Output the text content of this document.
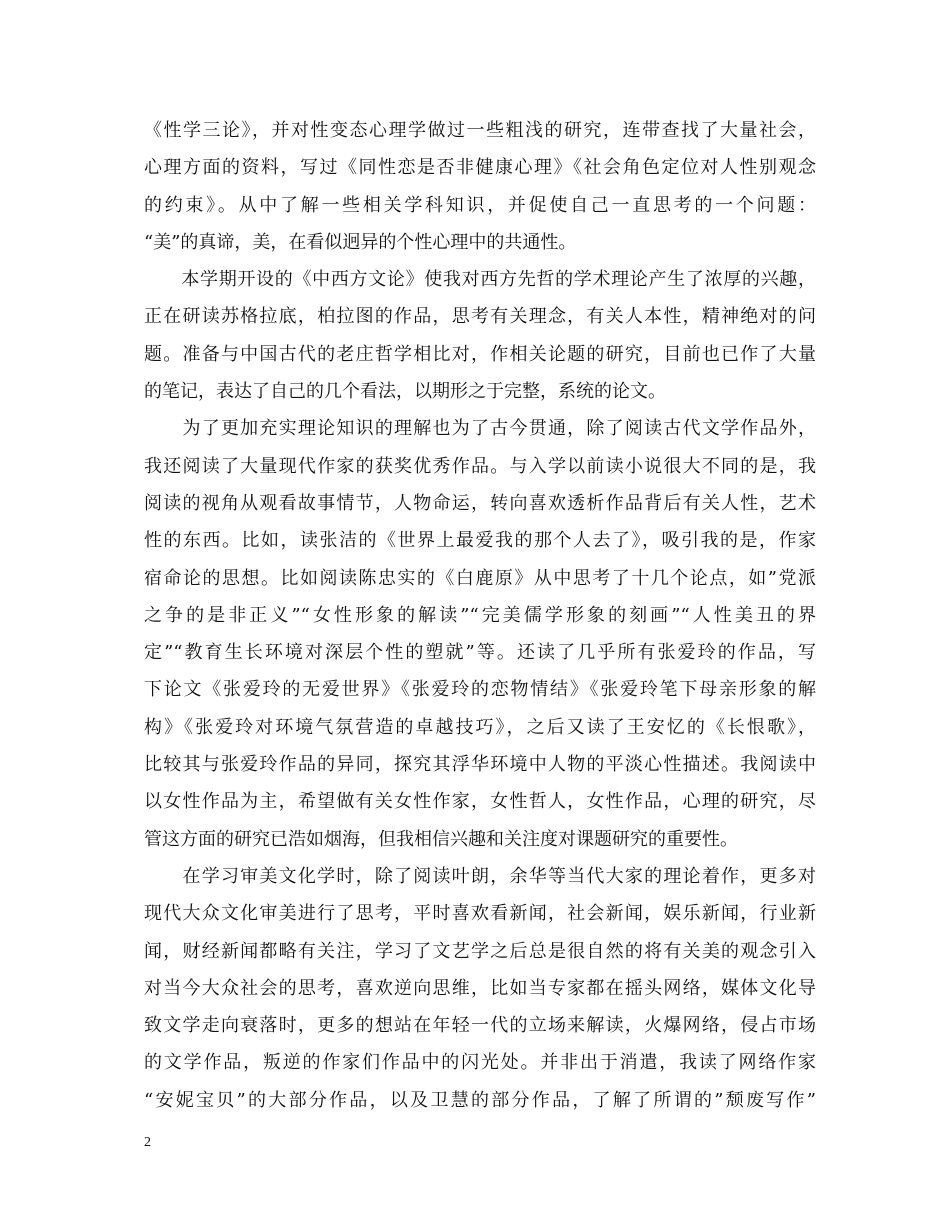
《性学三论》，并对性变态心理学做过一些粗浅的研究，连带查找了大量社会，
心理方面的资料，写过《同性恋是否非健康心理》《社会角色定位对人性别观念
的约束》。从中了解一些相关学科知识，并促使自己一直思考的一个问题：
“美”的真谛，美，在看似迥异的个性心理中的共通性。
　　本学期开设的《中西方文论》使我对西方先哲的学术理论产生了浓厚的兴趣，
正在研读苏格拉底，柏拉图的作品，思考有关理念，有关人本性，精神绝对的问
题。准备与中国古代的老庄哲学相比对，作相关论题的研究，目前也已作了大量
的笔记，表达了自己的几个看法，以期形之于完整，系统的论文。
　　为了更加充实理论知识的理解也为了古今贯通，除了阅读古代文学作品外，
我还阅读了大量现代作家的获奖优秀作品。与入学以前读小说很大不同的是，我
阅读的视角从观看故事情节，人物命运，转向喜欢透析作品背后有关人性，艺术
性的东西。比如，读张洁的《世界上最爱我的那个人去了》，吸引我的是，作家
宿命论的思想。比如阅读陈忠实的《白鹿原》从中思考了十几个论点，如”党派
之争的是非正义”“女性形象的解读”“完美儒学形象的刻画”“人性美丑的界
定”“教育生长环境对深层个性的塑就”等。还读了几乎所有张爱玲的作品，写
下论文《张爱玲的无爱世界》《张爱玲的恋物情结》《张爱玲笔下母亲形象的解
构》《张爱玲对环境气氛营造的卓越技巧》，之后又读了王安忆的《长恨歌》，
比较其与张爱玲作品的异同，探究其浮华环境中人物的平淡心性描述。我阅读中
以女性作品为主，希望做有关女性作家，女性哲人，女性作品，心理的研究，尽
管这方面的研究已浩如烟海，但我相信兴趣和关注度对课题研究的重要性。
　　在学习审美文化学时，除了阅读叶朗，余华等当代大家的理论着作，更多对
现代大众文化审美进行了思考，平时喜欢看新闻，社会新闻，娱乐新闻，行业新
闻，财经新闻都略有关注，学习了文艺学之后总是很自然的将有关美的观念引入
对当今大众社会的思考，喜欢逆向思维，比如当专家都在摇头网络，媒体文化导
致文学走向衰落时，更多的想站在年轻一代的立场来解读，火爆网络，侵占市场
的文学作品，叛逆的作家们作品中的闪光处。并非出于消遣，我读了网络作家
“安妮宝贝”的大部分作品，以及卫慧的部分作品，了解了所谓的”颓废写作”
2
